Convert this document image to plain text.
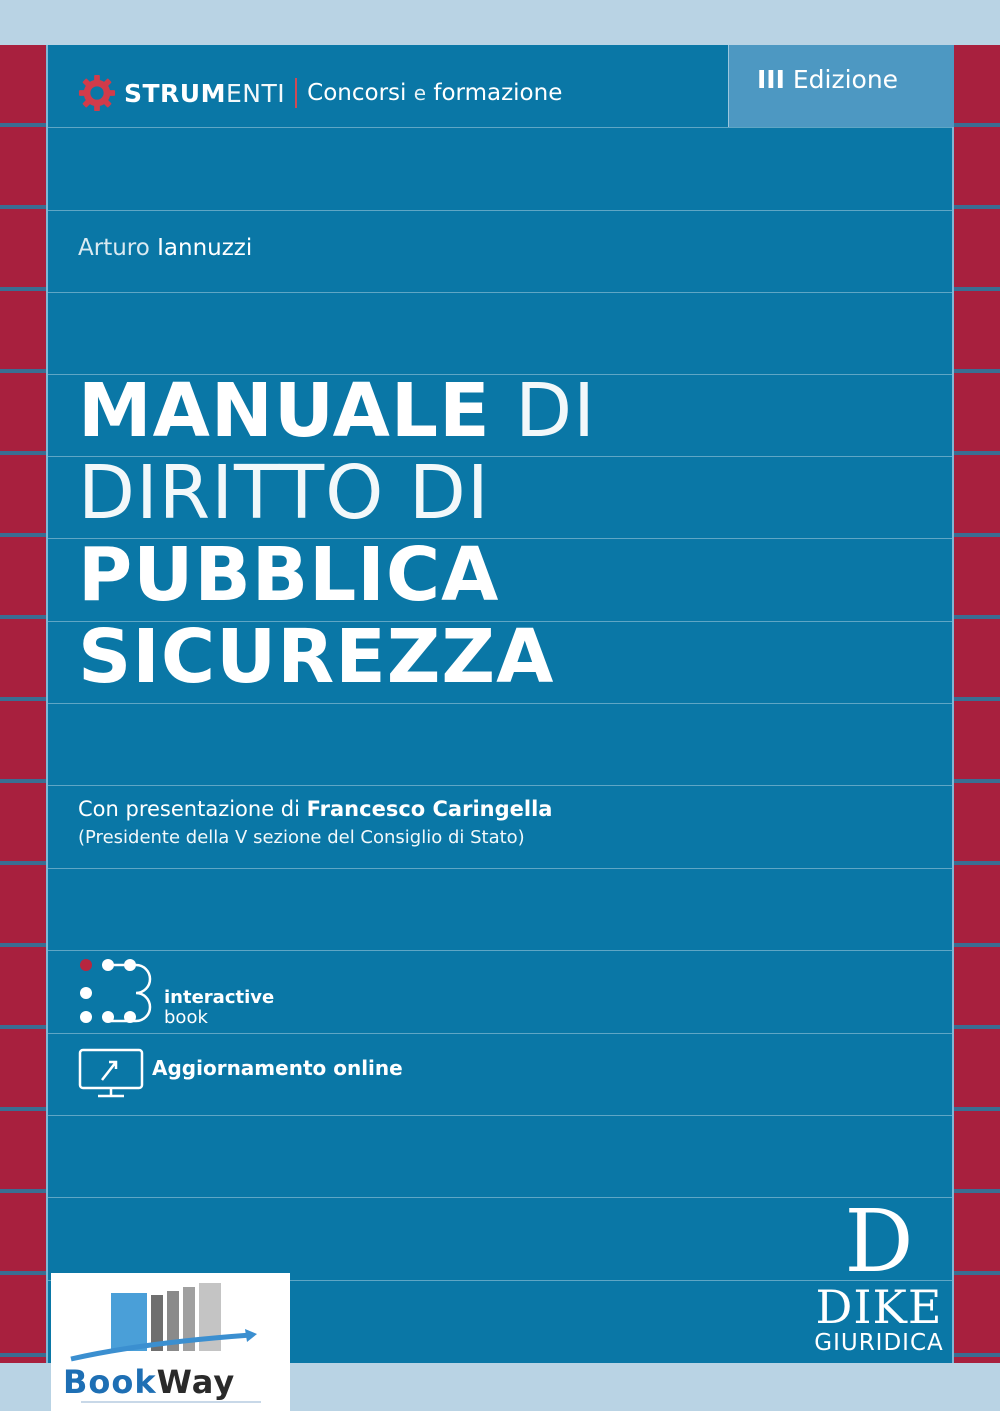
STRUM ENTI Concorsi e formazione	III Edizione
Arturo Iannuzzi
MANUALE DI
DIRITTO DI
PUBBLICA
SICUREZZA
Con presentazione di Francesco Caringella
(Presidente della V sezione del Consiglio di Stato)
interactive
book
Aggiornamento online
D
DIKE
GIURIDICA
BookWay
